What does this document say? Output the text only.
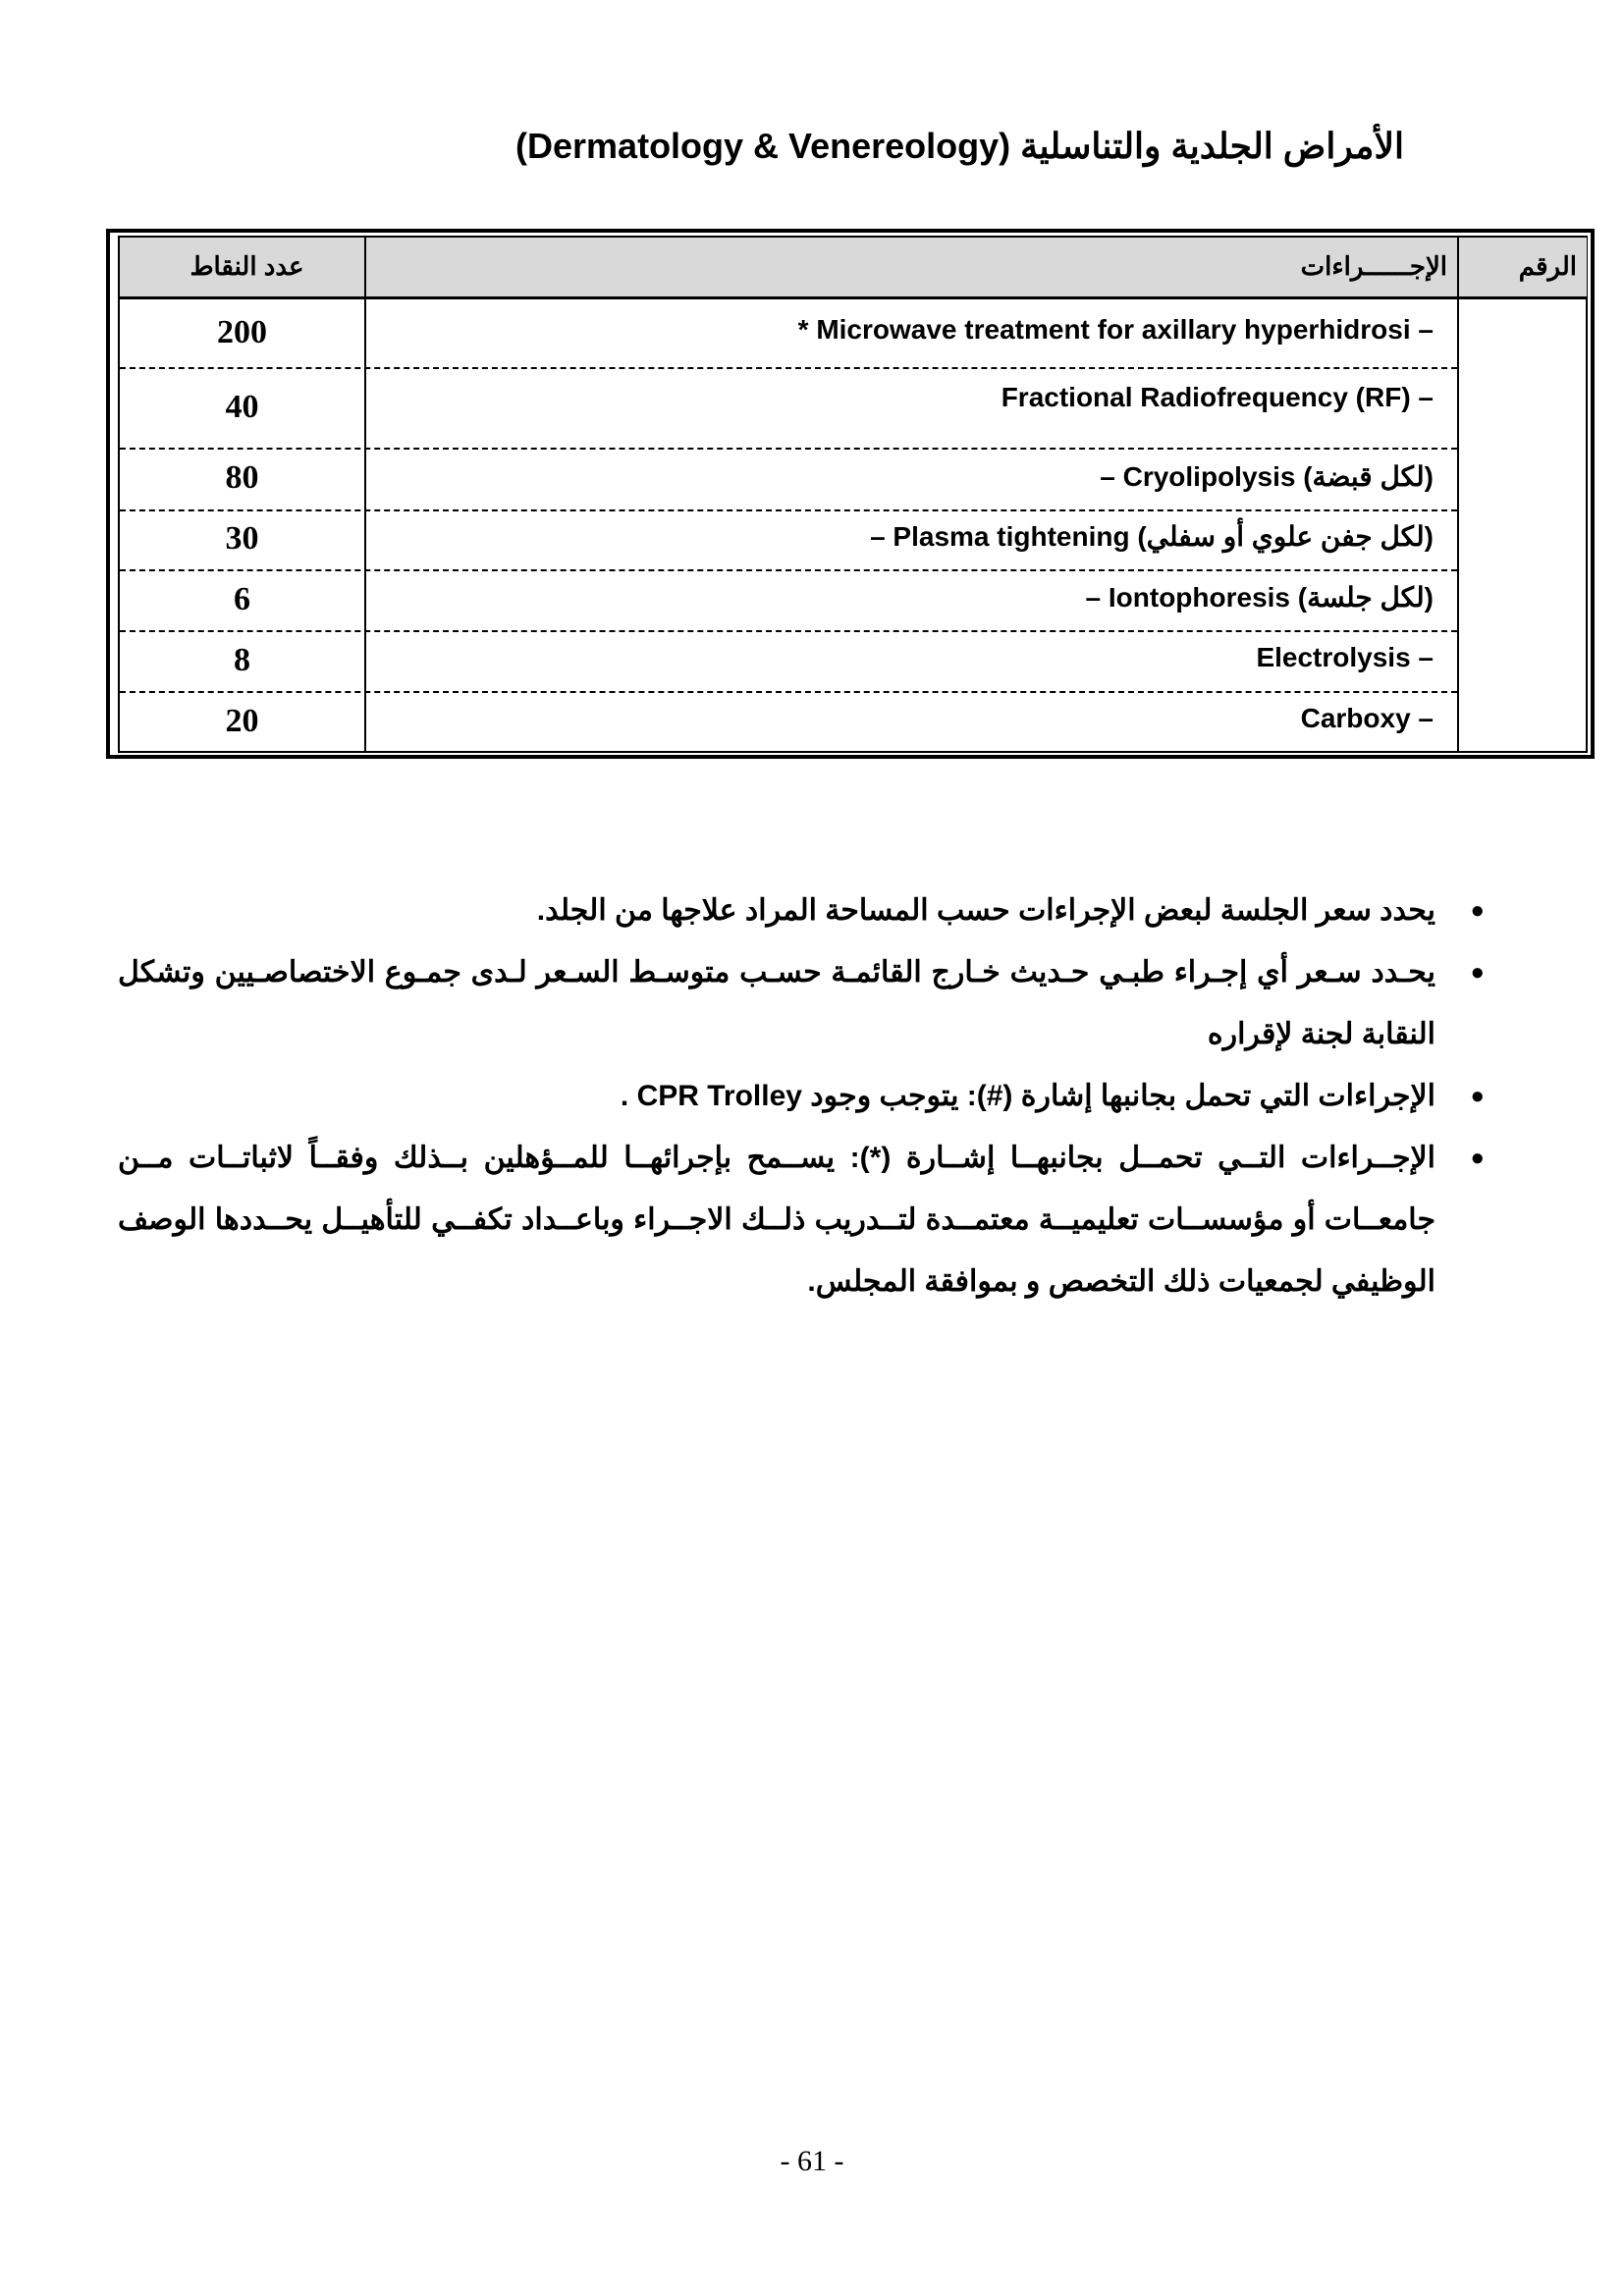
الأمراض الجلدية والتناسلية (Dermatology & Venereology)
الرقم
الإجــــــراءات
عدد النقاط
* Microwave treatment for axillary hyperhidrosi –
200
Fractional Radiofrequency (RF) –
40
(لكل قبضة) Cryolipolysis –
80
(لكل جفن علوي أو سفلي) Plasma tightening –
30
(لكل جلسة) Iontophoresis –
6
Electrolysis –
8
Carboxy –
20
●
يحدد سعر الجلسة لبعض الإجراءات حسب المساحة المراد علاجها من الجلد.
●
يحـدد سـعر أي إجـراء طبـي حـديث خـارج القائمـة حسـب متوسـط السـعر لـدى جمـوع الاختصاصـيين وتشكل النقابة لجنة لإقراره
●
الإجراءات التي تحمل بجانبها إشارة (#): يتوجب وجود CPR Trolley .
●
الإجــراءات التــي تحمــل بجانبهــا إشــارة (*): يســمح بإجرائهــا للمــؤهلين بــذلك وفقــاً لاثباتــات مــن جامعــات أو مؤسســات تعليميــة معتمــدة لتــدريب ذلــك الاجــراء وباعــداد تكفــي للتأهيــل يحــددها الوصف الوظيفي لجمعيات ذلك التخصص و بموافقة المجلس.
- 61 -
